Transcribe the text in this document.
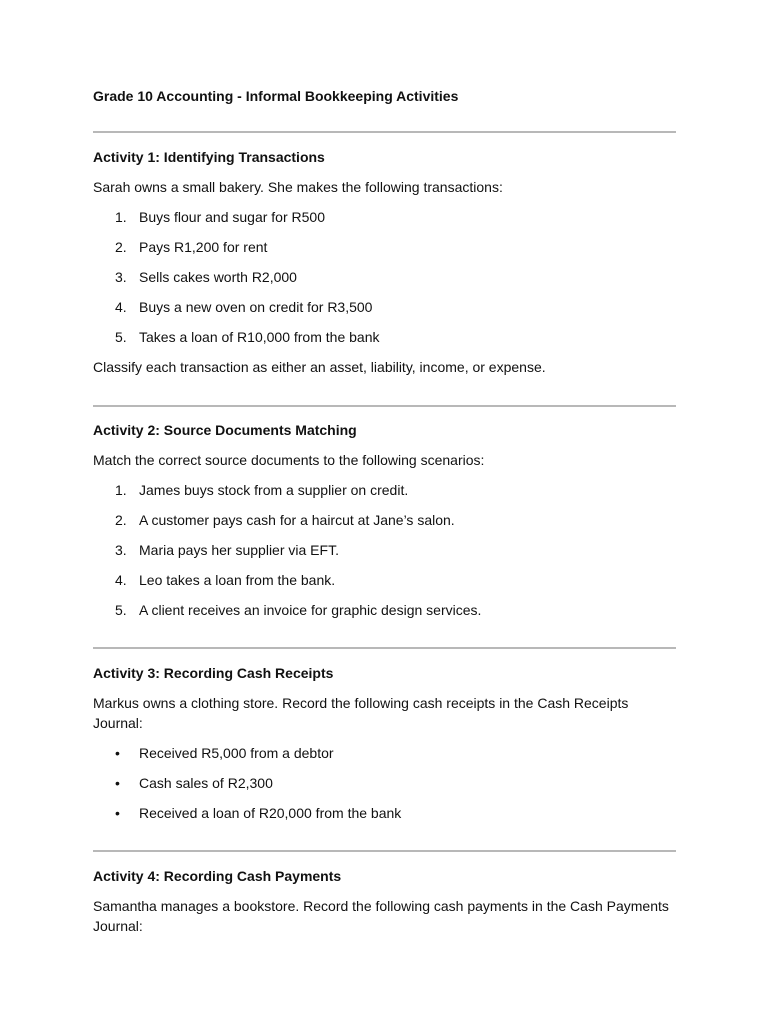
Grade 10 Accounting - Informal Bookkeeping Activities
Activity 1: Identifying Transactions

Sarah owns a small bakery. She makes the following transactions:

1. Buys flour and sugar for R500
2. Pays R1,200 for rent
3. Sells cakes worth R2,000
4. Buys a new oven on credit for R3,500
5. Takes a loan of R10,000 from the bank

Classify each transaction as either an asset, liability, income, or expense.

Activity 2: Source Documents Matching

Match the correct source documents to the following scenarios:

1. James buys stock from a supplier on credit.
2. A customer pays cash for a haircut at Jane’s salon.
3. Maria pays her supplier via EFT.
4. Leo takes a loan from the bank.
5. A client receives an invoice for graphic design services.
Activity 3: Recording Cash Receipts

Markus owns a clothing store. Record the following cash receipts in the Cash Receipts Journal:

•	Received R5,000 from a debtor
•	Cash sales of R2,300
•	Received a loan of R20,000 from the bank
Activity 4: Recording Cash Payments

Samantha manages a bookstore. Record the following cash payments in the Cash Payments Journal:
